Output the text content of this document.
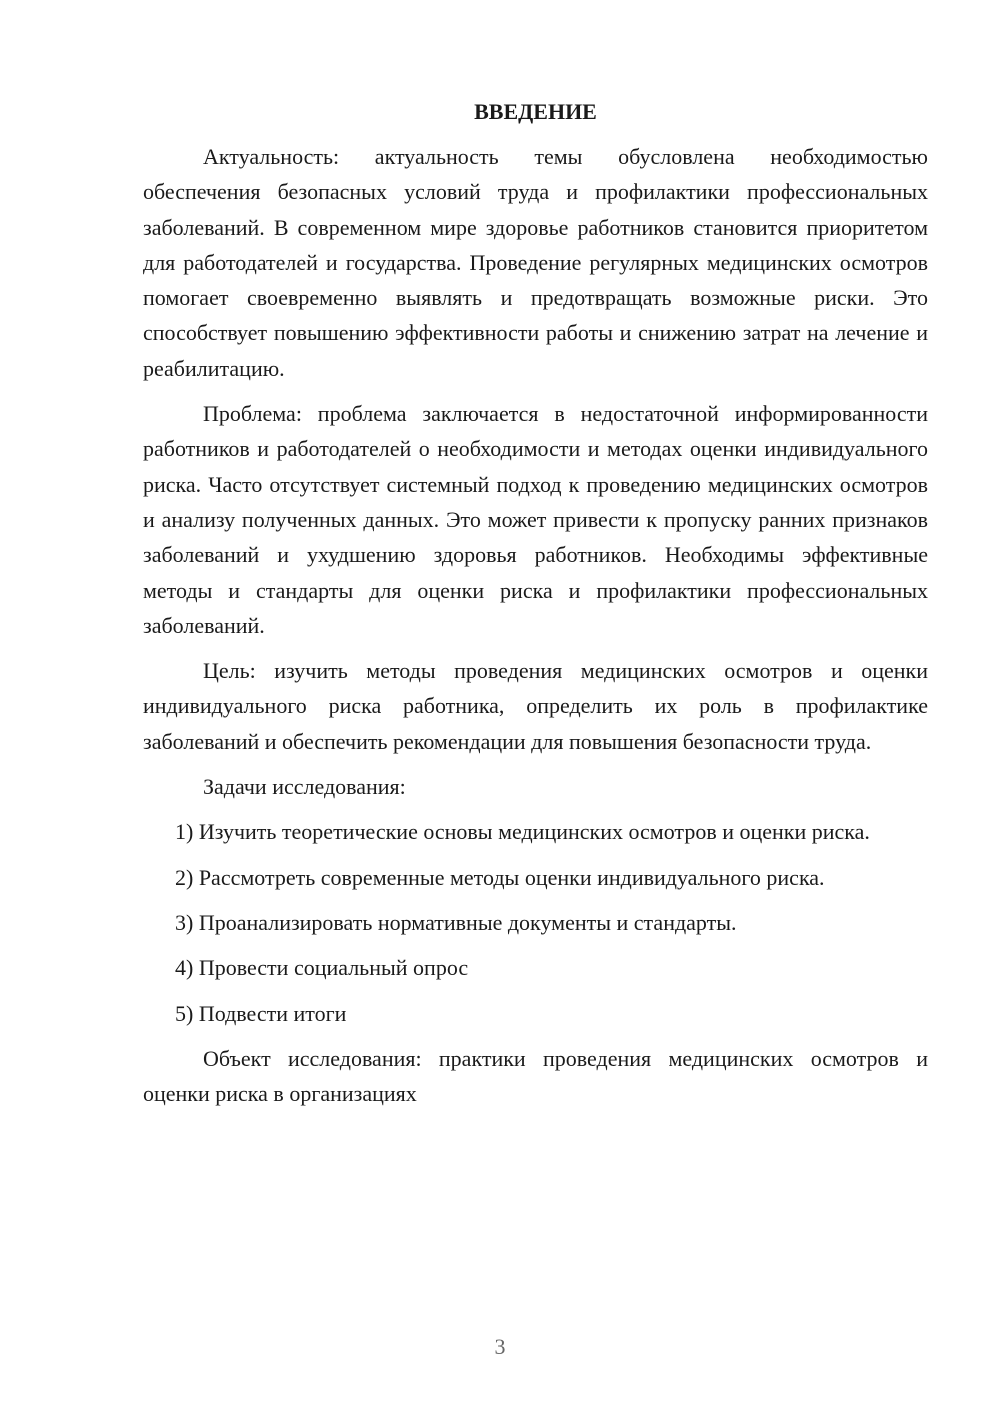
ВВЕДЕНИЕ

Актуальность: актуальность темы обусловлена необходимостью обеспечения безопасных условий труда и профилактики профессиональных заболеваний. В современном мире здоровье работников становится приоритетом для работодателей и государства. Проведение регулярных медицинских осмотров помогает своевременно выявлять и предотвращать возможные риски. Это способствует повышению эффективности работы и снижению затрат на лечение и реабилитацию.

Проблема: проблема заключается в недостаточной информированности работников и работодателей о необходимости и методах оценки индивидуального риска. Часто отсутствует системный подход к проведению медицинских осмотров и анализу полученных данных. Это может привести к пропуску ранних признаков заболеваний и ухудшению здоровья работников. Необходимы эффективные методы и стандарты для оценки риска и профилактики профессиональных заболеваний.

Цель: изучить методы проведения медицинских осмотров и оценки индивидуального риска работника, определить их роль в профилактике заболеваний и обеспечить рекомендации для повышения безопасности труда.

Задачи исследования:

1) Изучить теоретические основы медицинских осмотров и оценки риска.

2) Рассмотреть современные методы оценки индивидуального риска.

3) Проанализировать нормативные документы и стандарты.

4) Провести социальный опрос

5) Подвести итоги

Объект исследования: практики проведения медицинских осмотров и оценки риска в организациях

3
